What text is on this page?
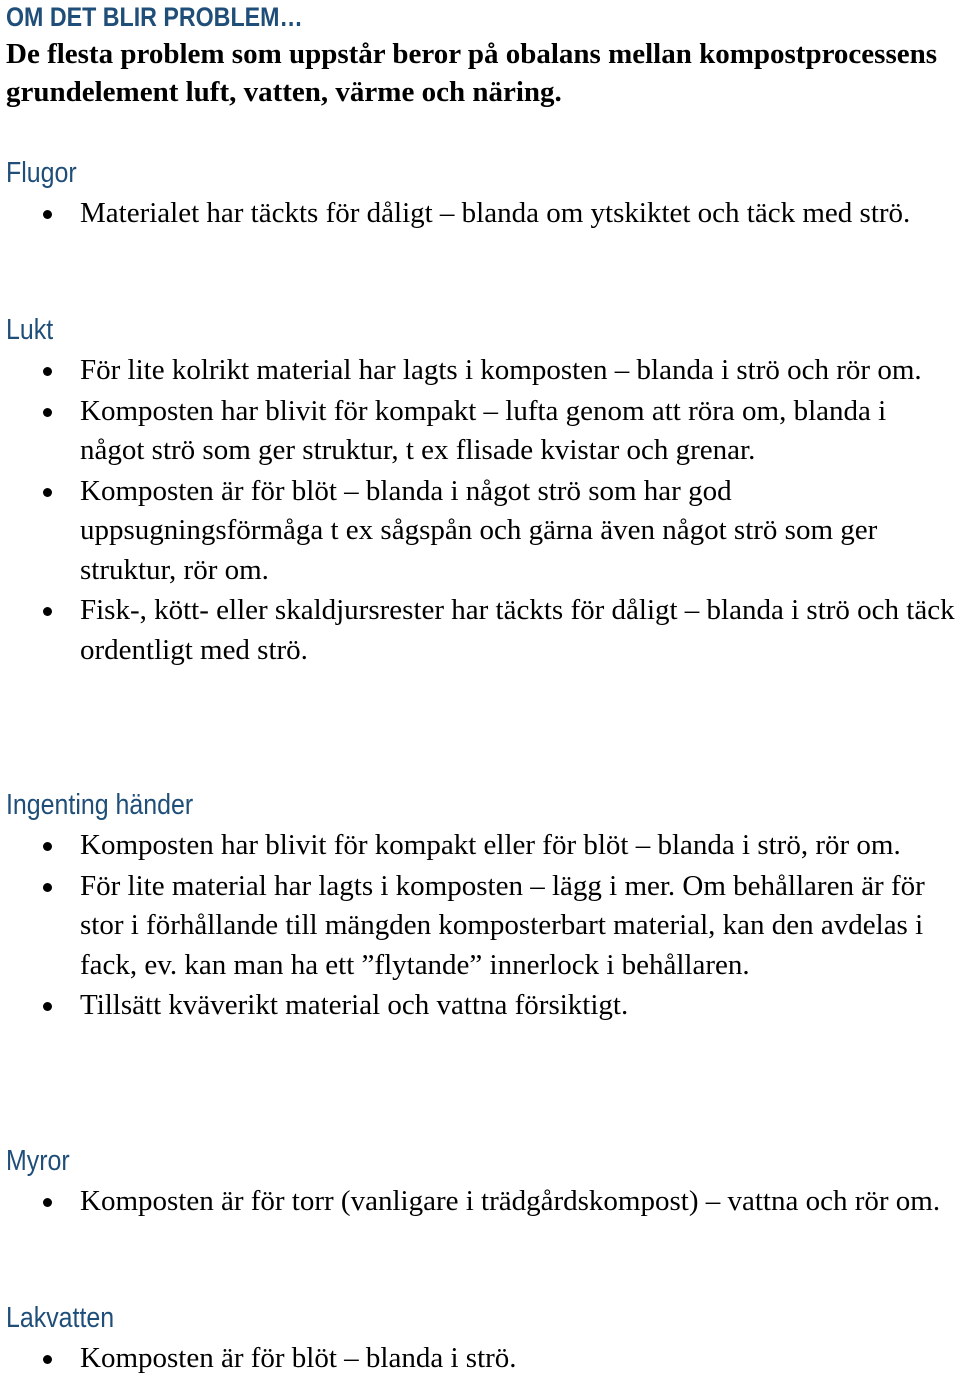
OM DET BLIR PROBLEM…

De flesta problem som uppstår beror på obalans mellan kompostprocessens grundelement luft, vatten, värme och näring.

Flugor
Materialet har täckts för dåligt – blanda om ytskiktet och täck med strö.
Lukt
För lite kolrikt material har lagts i komposten – blanda i strö och rör om.
Komposten har blivit för kompakt – lufta genom att röra om, blanda i något strö som ger struktur, t ex flisade kvistar och grenar.
Komposten är för blöt – blanda i något strö som har god uppsugningsförmåga t ex sågspån och gärna även något strö som ger struktur, rör om.
Fisk-, kött- eller skaldjursrester har täckts för dåligt – blanda i strö och täck ordentligt med strö.
Ingenting händer
Komposten har blivit för kompakt eller för blöt – blanda i strö, rör om.
För lite material har lagts i komposten – lägg i mer. Om behållaren är för stor i förhållande till mängden komposterbart material, kan den avdelas i fack, ev. kan man ha ett ”flytande” innerlock i behållaren.
Tillsätt kväverikt material och vattna försiktigt.
Myror
Komposten är för torr (vanligare i trädgårdskompost) – vattna och rör om.
Lakvatten
Komposten är för blöt – blanda i strö.
